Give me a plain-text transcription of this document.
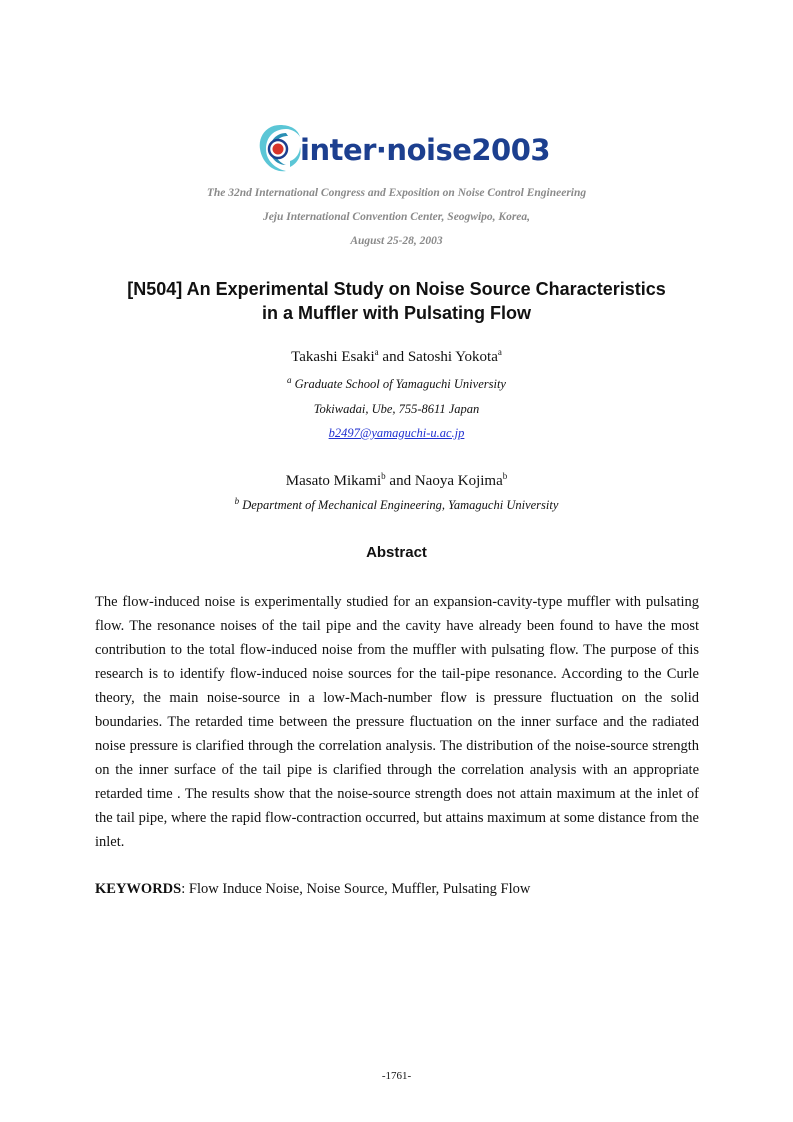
inter·noise2003
The 32nd International Congress and Exposition on Noise Control Engineering
Jeju International Convention Center, Seogwipo, Korea,
August 25-28, 2003
[N504] An Experimental Study on Noise Source Characteristics
in a Muffler with Pulsating Flow
Takashi Esaki$^a$ and Satoshi Yokota$^a$
$^a$ Graduate School of Yamaguchi University
Tokiwadai, Ube, 755-8611 Japan
b2497@yamaguchi-u.ac.jp
Masato Mikami$^b$ and Naoya Kojima$^b$
$^b$ Department of Mechanical Engineering, Yamaguchi University
Abstract

The flow-induced noise is experimentally studied for an expansion-cavity-type muffler with pulsating flow. The resonance noises of the tail pipe and the cavity have already been found to have the most contribution to the total flow-induced noise from the muffler with pulsating flow. The purpose of this research is to identify flow-induced noise sources for the tail-pipe resonance. According to the Curle theory, the main noise-source in a low-Mach-number flow is pressure fluctuation on the solid boundaries. The retarded time between the pressure fluctuation on the inner surface and the radiated noise pressure is clarified through the correlation analysis. The distribution of the noise-source strength on the inner surface of the tail pipe is clarified through the correlation analysis with an appropriate retarded time . The results show that the noise-source strength does not attain maximum at the inlet of the tail pipe, where the rapid flow-contraction occurred, but attains maximum at some distance from the inlet.

KEYWORDS: Flow Induce Noise, Noise Source, Muffler, Pulsating Flow
-1761-
